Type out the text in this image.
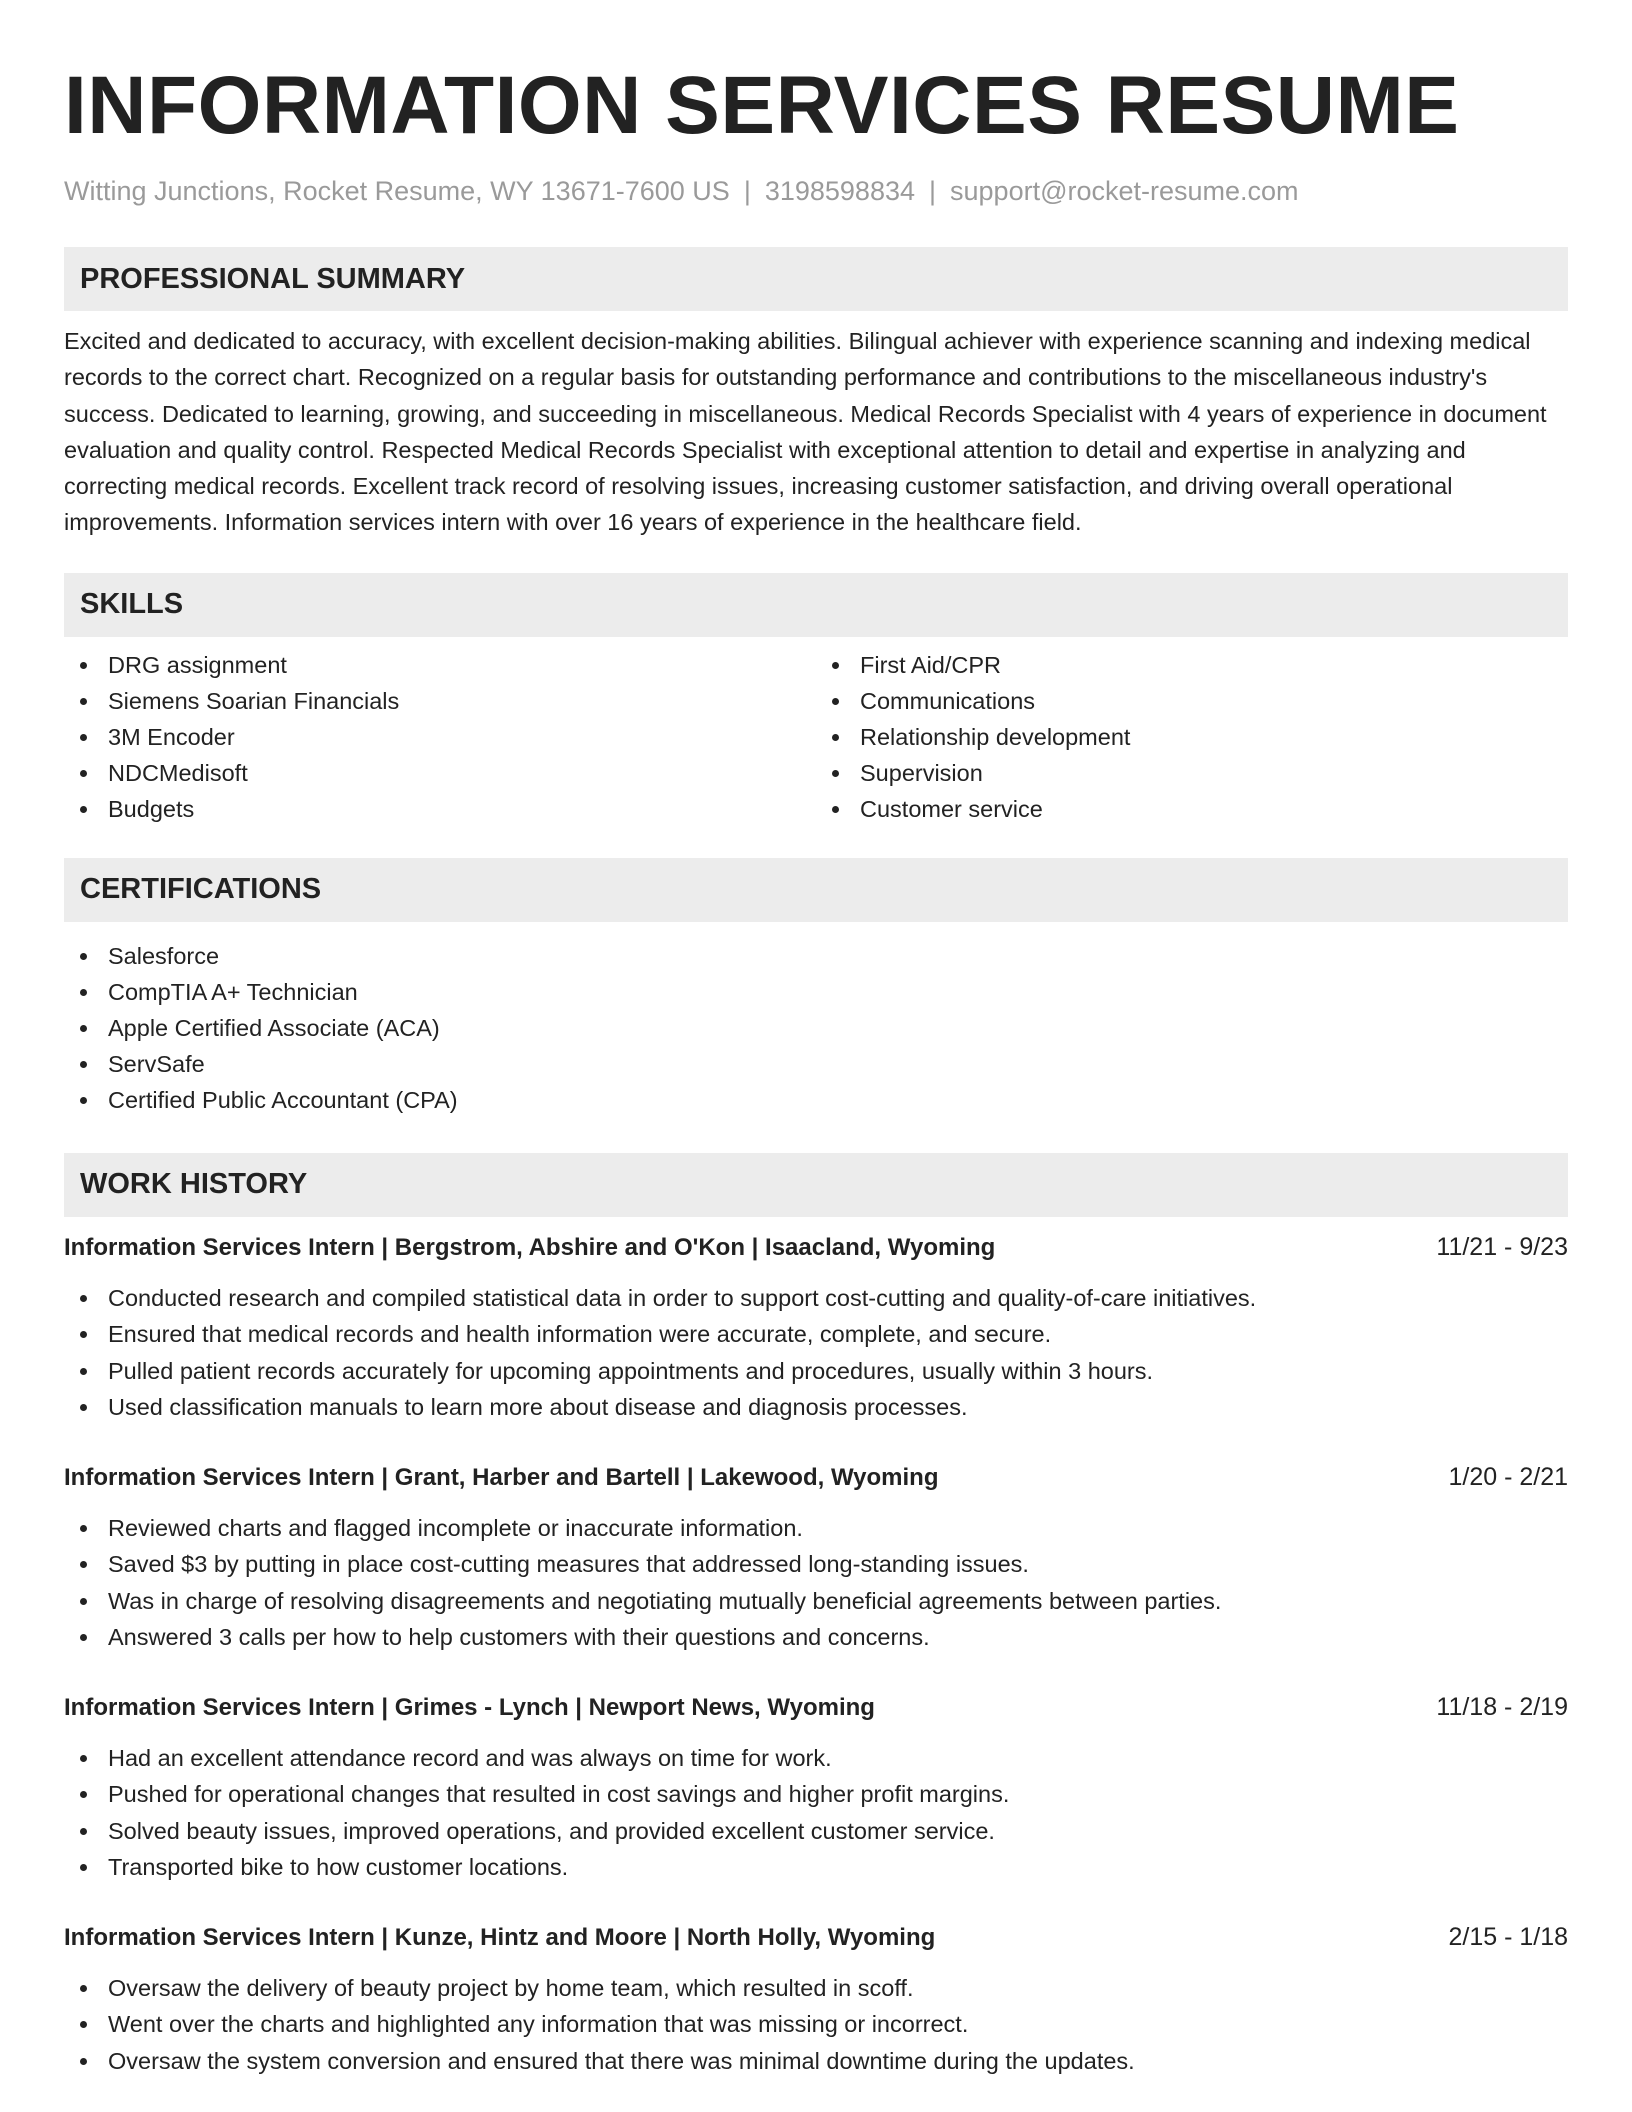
INFORMATION SERVICES RESUME
Witting Junctions, Rocket Resume, WY 13671-7600 US | 3198598834 | support@rocket-resume.com
PROFESSIONAL SUMMARY

Excited and dedicated to accuracy, with excellent decision-making abilities. Bilingual achiever with experience scanning and indexing medical records to the correct chart. Recognized on a regular basis for outstanding performance and contributions to the miscellaneous industry's success. Dedicated to learning, growing, and succeeding in miscellaneous. Medical Records Specialist with 4 years of experience in document evaluation and quality control. Respected Medical Records Specialist with exceptional attention to detail and expertise in analyzing and correcting medical records. Excellent track record of resolving issues, increasing customer satisfaction, and driving overall operational improvements. Information services intern with over 16 years of experience in the healthcare field.

SKILLS
DRG assignment
Siemens Soarian Financials
3M Encoder
NDCMedisoft
Budgets
First Aid/CPR
Communications
Relationship development
Supervision
Customer service
CERTIFICATIONS
Salesforce
CompTIA A+ Technician
Apple Certified Associate (ACA)
ServSafe
Certified Public Accountant (CPA)
WORK HISTORY
Information Services Intern | Bergstrom, Abshire and O'Kon | Isaacland, Wyoming	11/21 - 9/23
Conducted research and compiled statistical data in order to support cost-cutting and quality-of-care initiatives.
Ensured that medical records and health information were accurate, complete, and secure.
Pulled patient records accurately for upcoming appointments and procedures, usually within 3 hours.
Used classification manuals to learn more about disease and diagnosis processes.
Information Services Intern | Grant, Harber and Bartell | Lakewood, Wyoming	1/20 - 2/21
Reviewed charts and flagged incomplete or inaccurate information.
Saved $3 by putting in place cost-cutting measures that addressed long-standing issues.
Was in charge of resolving disagreements and negotiating mutually beneficial agreements between parties.
Answered 3 calls per how to help customers with their questions and concerns.
Information Services Intern | Grimes - Lynch | Newport News, Wyoming	11/18 - 2/19
Had an excellent attendance record and was always on time for work.
Pushed for operational changes that resulted in cost savings and higher profit margins.
Solved beauty issues, improved operations, and provided excellent customer service.
Transported bike to how customer locations.
Information Services Intern | Kunze, Hintz and Moore | North Holly, Wyoming	2/15 - 1/18
Oversaw the delivery of beauty project by home team, which resulted in scoff.
Went over the charts and highlighted any information that was missing or incorrect.
Oversaw the system conversion and ensured that there was minimal downtime during the updates.
